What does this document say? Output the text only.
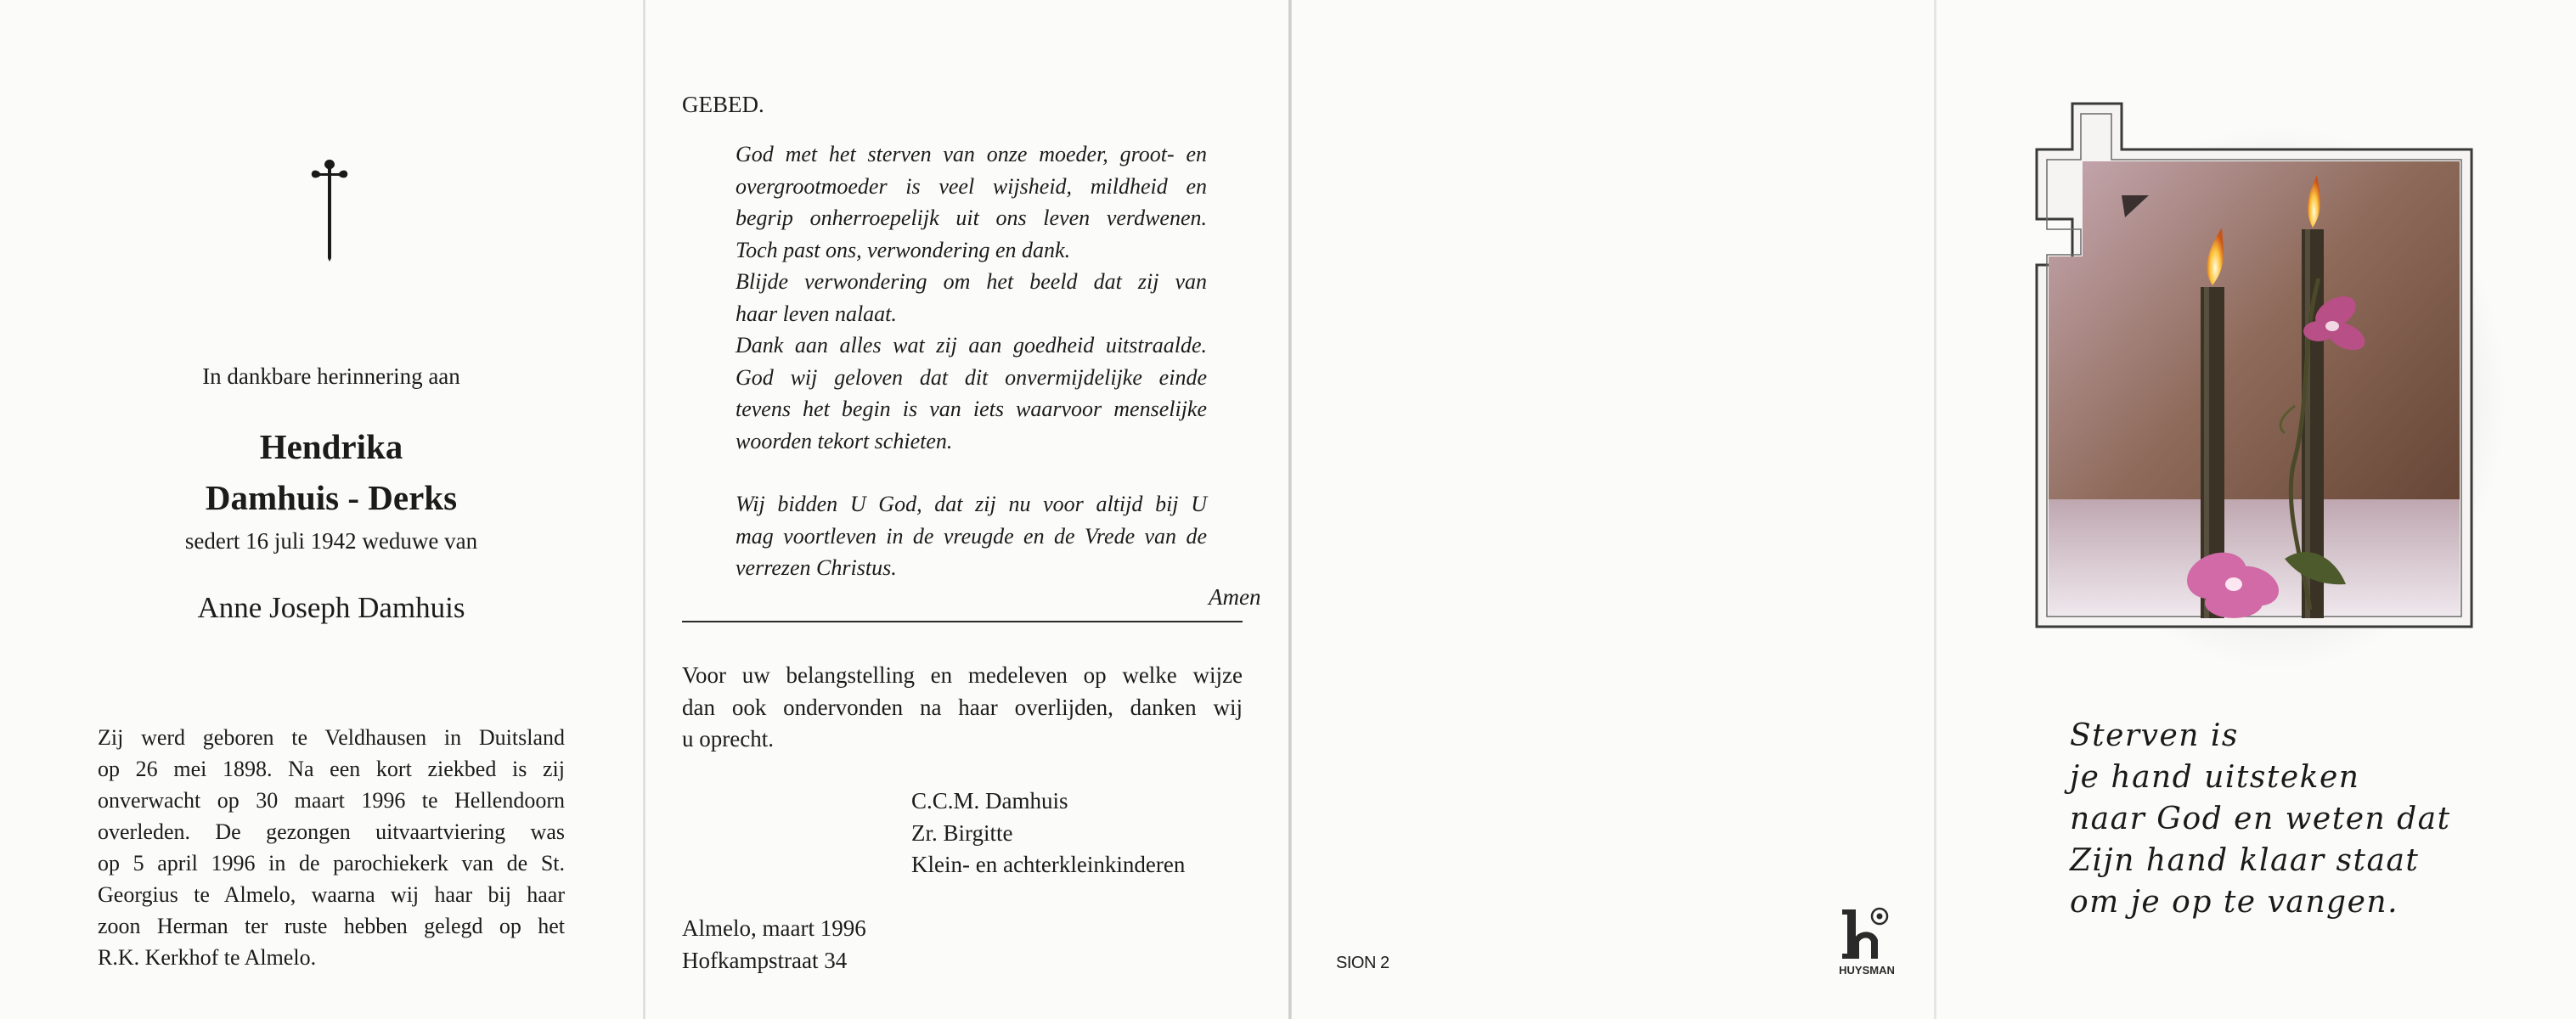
In dankbare herinnering aan
Hendrika
Damhuis - Derks
sedert 16 juli 1942 weduwe van
Anne Joseph Damhuis
Zij werd geboren te Veldhausen in Duitsland
op 26 mei 1898. Na een kort ziekbed is zij
onverwacht op 30 maart 1996 te Hellendoorn
overleden. De gezongen uitvaartviering was
op 5 april 1996 in de parochiekerk van de St.
Georgius te Almelo, waarna wij haar bij haar
zoon Herman ter ruste hebben gelegd op het
R.K. Kerkhof te Almelo.
GEBED.
God met het sterven van onze moeder, groot- en
overgrootmoeder is veel wijsheid, mildheid en
begrip onherroepelijk uit ons leven verdwenen.
Toch past ons, verwondering en dank.
Blijde verwondering om het beeld dat zij van
haar leven nalaat.
Dank aan alles wat zij aan goedheid uitstraalde.
God wij geloven dat dit onvermijdelijke einde
tevens het begin is van iets waarvoor menselijke
woorden tekort schieten.
Wij bidden U God, dat zij nu voor altijd bij U
mag voortleven in de vreugde en de Vrede van de
verrezen Christus.
Amen
Voor uw belangstelling en medeleven op welke wijze
dan ook ondervonden na haar overlijden, danken wij
u oprecht.
C.C.M. Damhuis
Zr. Birgitte
Klein- en achterkleinkinderen
Almelo, maart 1996
Hofkampstraat 34	SION 2	HUYSMAN
Sterven is
je hand uitsteken
naar God en weten dat
Zijn hand klaar staat
om je op te vangen.
